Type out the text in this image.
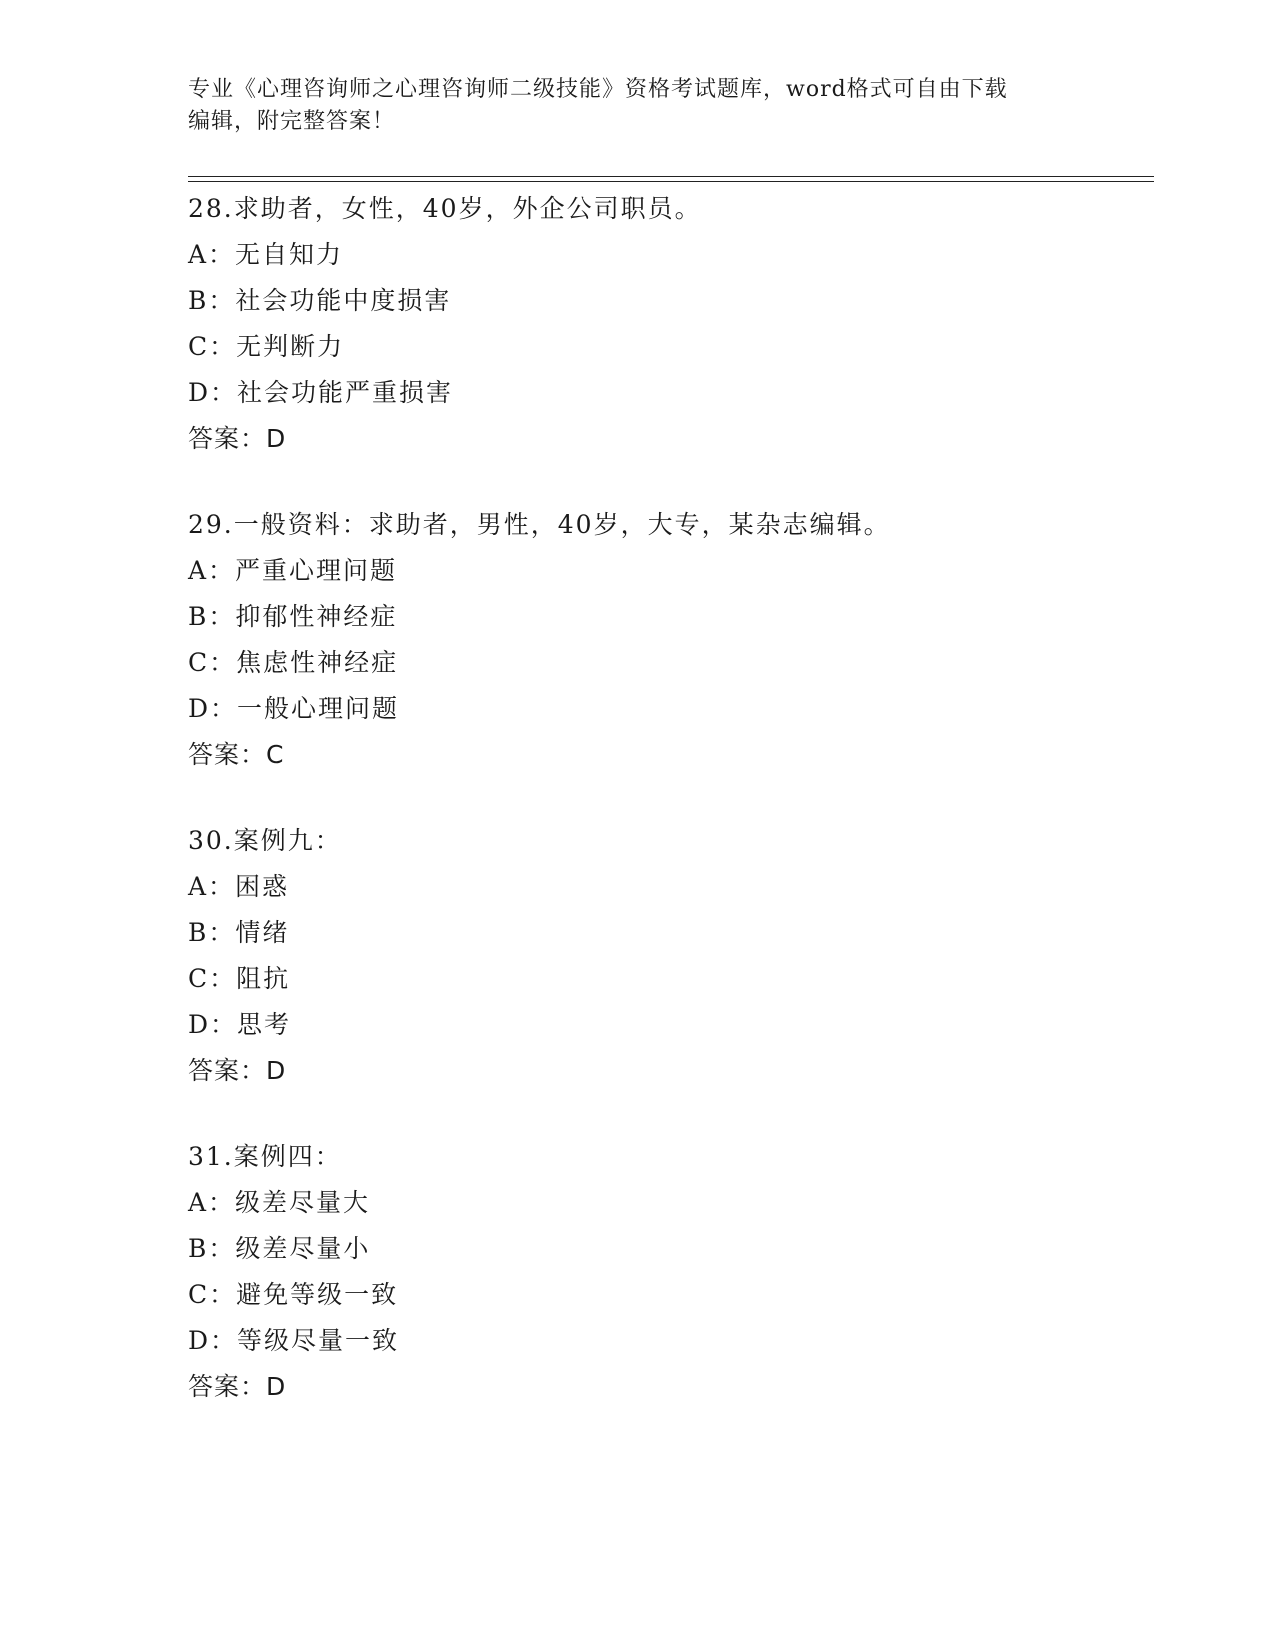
专业《心理咨询师之心理咨询师二级技能》资格考试题库，word格式可自由下载
编辑，附完整答案！
28.求助者，女性，40岁，外企公司职员。
A：无自知力
B：社会功能中度损害
C：无判断力
D：社会功能严重损害
答案：D
29.一般资料：求助者，男性，40岁，大专，某杂志编辑。
A：严重心理问题
B：抑郁性神经症
C：焦虑性神经症
D：一般心理问题
答案：C
30.案例九：
A：困惑
B：情绪
C：阻抗
D：思考
答案：D
31.案例四：
A：级差尽量大
B：级差尽量小
C：避免等级一致
D：等级尽量一致
答案：D
